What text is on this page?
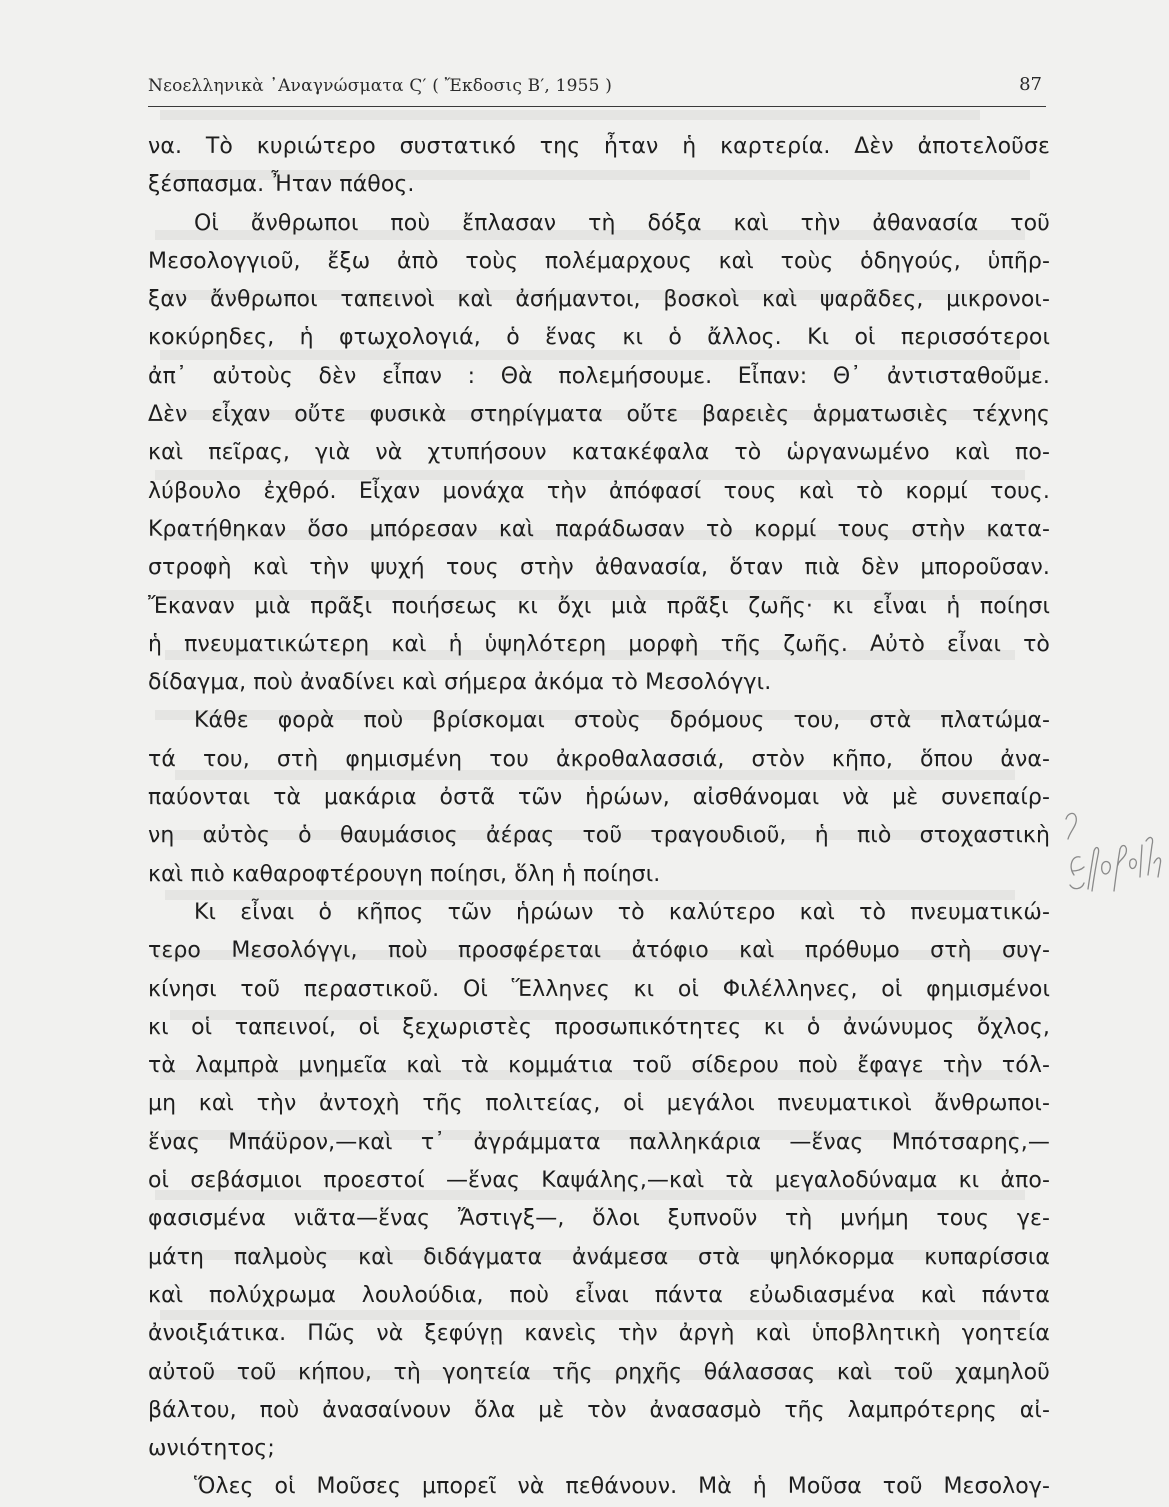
Νεοελληνικὰ ᾿Αναγνώσματα Ϛ′ ( Ἔκδοσις Β′, 1955 )	87
να. Τὸ κυριώτερο συστατικό της ἦταν ἡ καρτερία. Δὲν ἀποτελοῦσε
ξέσπασμα. Ἦταν πάθος.
Οἱ ἄνθρωποι ποὺ ἔπλασαν τὴ δόξα καὶ τὴν ἀθανασία τοῦ
Μεσολογγιοῦ, ἔξω ἀπὸ τοὺς πολέμαρχους καὶ τοὺς ὁδηγούς, ὑπῆρ-
ξαν ἄνθρωποι ταπεινοὶ καὶ ἀσήμαντοι, βοσκοὶ καὶ ψαρᾶδες, μικρονοι-
κοκύρηδες, ἡ φτωχολογιά, ὁ ἕνας κι ὁ ἄλλος. Κι οἱ περισσότεροι
ἀπ᾿ αὐτοὺς δὲν εἶπαν : Θὰ πολεμήσουμε. Εἶπαν: Θ᾿ ἀντισταθοῦμε.
Δὲν εἶχαν οὔτε φυσικὰ στηρίγματα οὔτε βαρειὲς ἁρματωσιὲς τέχνης
καὶ πεῖρας, γιὰ νὰ χτυπήσουν κατακέφαλα τὸ ὡργανωμένο καὶ πο-
λύβουλο ἐχθρό. Εἶχαν μονάχα τὴν ἀπόφασί τους καὶ τὸ κορμί τους.
Κρατήθηκαν ὅσο μπόρεσαν καὶ παράδωσαν τὸ κορμί τους στὴν κατα-
στροφὴ καὶ τὴν ψυχή τους στὴν ἀθανασία, ὅταν πιὰ δὲν μποροῦσαν.
Ἔκαναν μιὰ πρᾶξι ποιήσεως κι ὄχι μιὰ πρᾶξι ζωῆς· κι εἶναι ἡ ποίησι
ἡ πνευματικώτερη καὶ ἡ ὑψηλότερη μορφὴ τῆς ζωῆς. Αὐτὸ εἶναι τὸ
δίδαγμα, ποὺ ἀναδίνει καὶ σήμερα ἀκόμα τὸ Μεσολόγγι.
Κάθε φορὰ ποὺ βρίσκομαι στοὺς δρόμους του, στὰ πλατώμα-
τά του, στὴ φημισμένη του ἀκροθαλασσιά, στὸν κῆπο, ὅπου ἀνα-
παύονται τὰ μακάρια ὀστᾶ τῶν ἡρώων, αἰσθάνομαι νὰ μὲ συνεπαίρ-
νη αὐτὸς ὁ θαυμάσιος ἀέρας τοῦ τραγουδιοῦ, ἡ πιὸ στοχαστικὴ
καὶ πιὸ καθαροφτέρουγη ποίησι, ὅλη ἡ ποίησι.
Κι εἶναι ὁ κῆπος τῶν ἡρώων τὸ καλύτερο καὶ τὸ πνευματικώ-
τερο Μεσολόγγι, ποὺ προσφέρεται ἀτόφιο καὶ πρόθυμο στὴ συγ-
κίνησι τοῦ περαστικοῦ. Οἱ Ἕλληνες κι οἱ Φιλέλληνες, οἱ φημισμένοι
κι οἱ ταπεινοί, οἱ ξεχωριστὲς προσωπικότητες κι ὁ ἀνώνυμος ὄχλος,
τὰ λαμπρὰ μνημεῖα καὶ τὰ κομμάτια τοῦ σίδερου ποὺ ἔφαγε τὴν τόλ-
μη καὶ τὴν ἀντοχὴ τῆς πολιτείας, οἱ μεγάλοι πνευματικοὶ ἄνθρωποι-
ἕνας Μπάϋρον,—καὶ τ᾿ ἀγράμματα παλληκάρια —ἕνας Μπότσαρης,—
οἱ σεβάσμιοι προεστοί —ἕνας Καψάλης,—καὶ τὰ μεγαλοδύναμα κι ἀπο-
φασισμένα νιᾶτα—ἕνας Ἄστιγξ—, ὅλοι ξυπνοῦν τὴ μνήμη τους γε-
μάτη παλμοὺς καὶ διδάγματα ἀνάμεσα στὰ ψηλόκορμα κυπαρίσσια
καὶ πολύχρωμα λουλούδια, ποὺ εἶναι πάντα εὐωδιασμένα καὶ πάντα
ἀνοιξιάτικα. Πῶς νὰ ξεφύγῃ κανεὶς τὴν ἀργὴ καὶ ὑποβλητικὴ γοητεία
αὐτοῦ τοῦ κήπου, τὴ γοητεία τῆς ρηχῆς θάλασσας καὶ τοῦ χαμηλοῦ
βάλτου, ποὺ ἀνασαίνουν ὅλα μὲ τὸν ἀνασασμὸ τῆς λαμπρότερης αἰ-
ωνιότητος;
Ὅλες οἱ Μοῦσες μπορεῖ νὰ πεθάνουν. Μὰ ἡ Μοῦσα τοῦ Μεσολογ-
